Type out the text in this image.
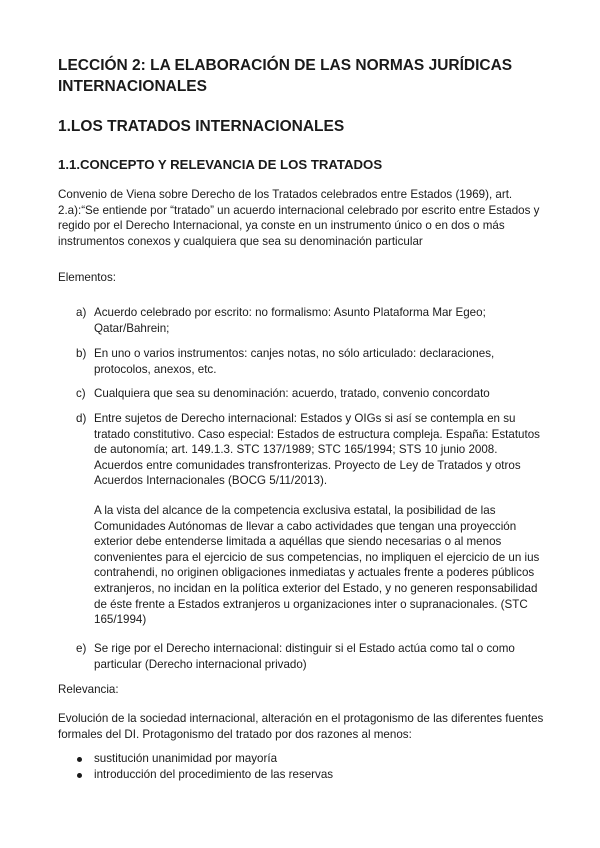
LECCIÓN 2: LA ELABORACIÓN DE LAS NORMAS JURÍDICAS INTERNACIONALES
1.LOS TRATADOS INTERNACIONALES
1.1.CONCEPTO Y RELEVANCIA DE LOS TRATADOS

Convenio de Viena sobre Derecho de los Tratados celebrados entre Estados (1969), art. 2.a):“Se entiende por “tratado” un acuerdo internacional celebrado por escrito entre Estados y regido por el Derecho Internacional, ya conste en un instrumento único o en dos o más instrumentos conexos y cualquiera que sea su denominación particular

Elementos:

a) Acuerdo celebrado por escrito: no formalismo: Asunto Plataforma Mar Egeo; Qatar/Bahrein;

b) En uno o varios instrumentos: canjes notas, no sólo articulado: declaraciones, protocolos, anexos, etc.

c) Cualquiera que sea su denominación: acuerdo, tratado, convenio concordato

d) Entre sujetos de Derecho internacional: Estados y OIGs si así se contempla en su tratado constitutivo. Caso especial: Estados de estructura compleja. España: Estatutos de autonomía; art. 149.1.3. STC 137/1989; STC 165/1994; STS 10 junio 2008. Acuerdos entre comunidades transfronterizas. Proyecto de Ley de Tratados y otros Acuerdos Internacionales (BOCG 5/11/2013).

A la vista del alcance de la competencia exclusiva estatal, la posibilidad de las Comunidades Autónomas de llevar a cabo actividades que tengan una proyección exterior debe entenderse limitada a aquéllas que siendo necesarias o al menos convenientes para el ejercicio de sus competencias, no impliquen el ejercicio de un ius contrahendi, no originen obligaciones inmediatas y actuales frente a poderes públicos extranjeros, no incidan en la política exterior del Estado, y no generen responsabilidad de éste frente a Estados extranjeros u organizaciones inter o supranacionales. (STC 165/1994)

e) Se rige por el Derecho internacional: distinguir si el Estado actúa como tal o como particular (Derecho internacional privado)

Relevancia:

Evolución de la sociedad internacional, alteración en el protagonismo de las diferentes fuentes formales del DI. Protagonismo del tratado por dos razones al menos:

sustitución unanimidad por mayoría

introducción del procedimiento de las reservas
